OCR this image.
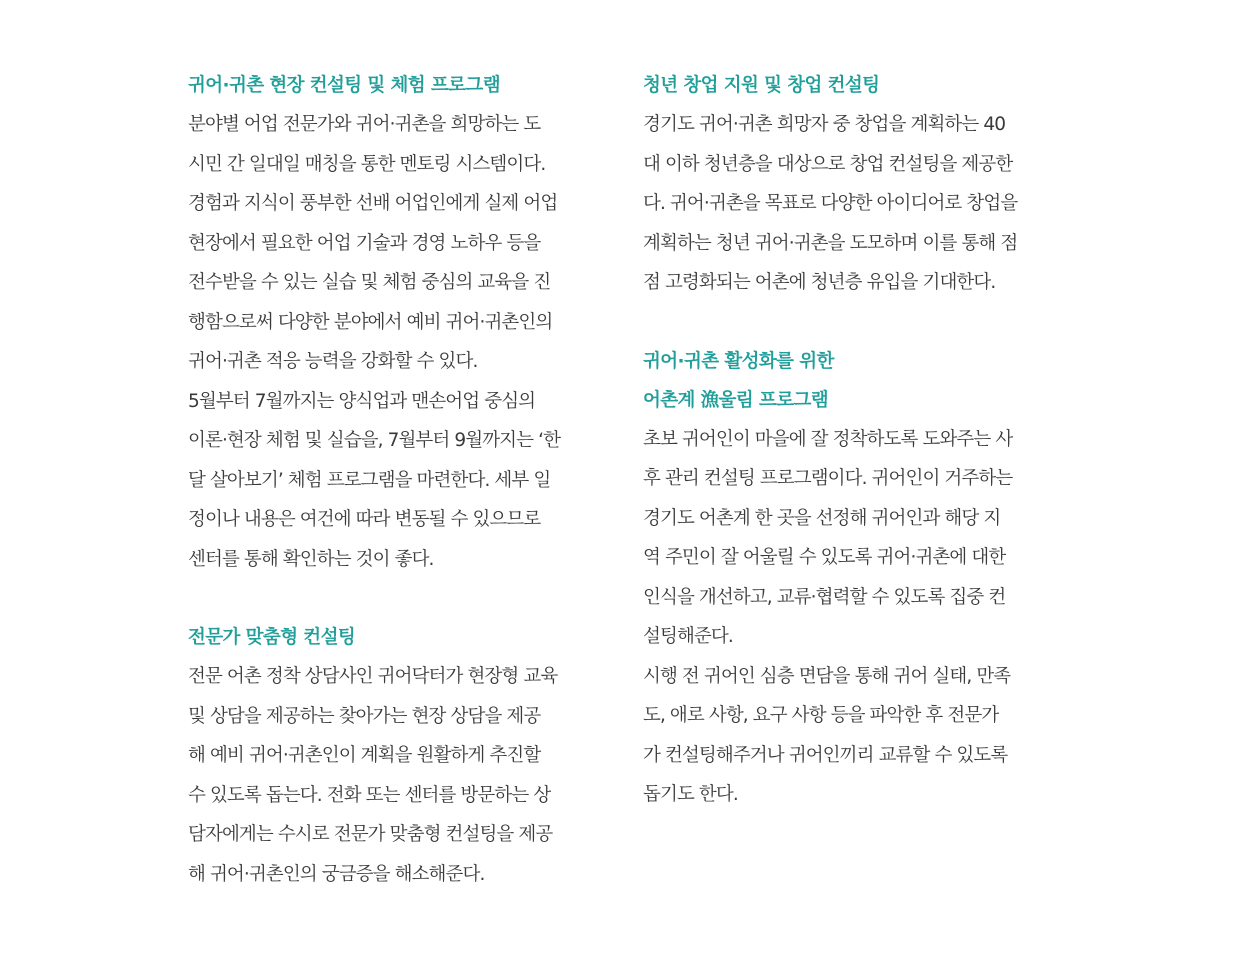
귀어·귀촌 현장 컨설팅 및 체험 프로그램

분야별 어업 전문가와 귀어·귀촌을 희망하는 도

시민 간 일대일 매칭을 통한 멘토링 시스템이다.

경험과 지식이 풍부한 선배 어업인에게 실제 어업

현장에서 필요한 어업 기술과 경영 노하우 등을

전수받을 수 있는 실습 및 체험 중심의 교육을 진

행함으로써 다양한 분야에서 예비 귀어·귀촌인의

귀어·귀촌 적응 능력을 강화할 수 있다.

5월부터 7월까지는 양식업과 맨손어업 중심의

이론·현장 체험 및 실습을, 7월부터 9월까지는 ‘한

달 살아보기’ 체험 프로그램을 마련한다. 세부 일

정이나 내용은 여건에 따라 변동될 수 있으므로

센터를 통해 확인하는 것이 좋다.

전문가 맞춤형 컨설팅

전문 어촌 정착 상담사인 귀어닥터가 현장형 교육

및 상담을 제공하는 찾아가는 현장 상담을 제공

해 예비 귀어·귀촌인이 계획을 원활하게 추진할

수 있도록 돕는다. 전화 또는 센터를 방문하는 상

담자에게는 수시로 전문가 맞춤형 컨설팅을 제공

해 귀어·귀촌인의 궁금증을 해소해준다.

청년 창업 지원 및 창업 컨설팅

경기도 귀어·귀촌 희망자 중 창업을 계획하는 40

대 이하 청년층을 대상으로 창업 컨설팅을 제공한

다. 귀어·귀촌을 목표로 다양한 아이디어로 창업을

계획하는 청년 귀어·귀촌을 도모하며 이를 통해 점

점 고령화되는 어촌에 청년층 유입을 기대한다.

귀어·귀촌 활성화를 위한

어촌계 漁울림 프로그램

초보 귀어인이 마을에 잘 정착하도록 도와주는 사

후 관리 컨설팅 프로그램이다. 귀어인이 거주하는

경기도 어촌계 한 곳을 선정해 귀어인과 해당 지

역 주민이 잘 어울릴 수 있도록 귀어·귀촌에 대한

인식을 개선하고, 교류·협력할 수 있도록 집중 컨

설팅해준다.

시행 전 귀어인 심층 면담을 통해 귀어 실태, 만족

도, 애로 사항, 요구 사항 등을 파악한 후 전문가

가 컨설팅해주거나 귀어인끼리 교류할 수 있도록

돕기도 한다.
